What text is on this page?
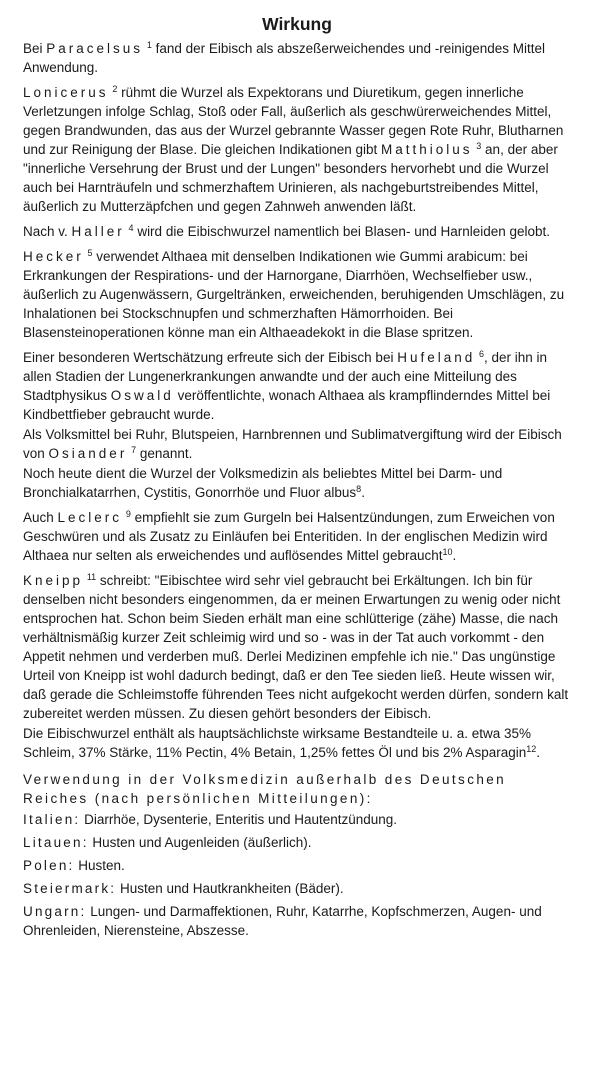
Wirkung

Bei Paracelsus $^1$ fand der Eibisch als abszeßerweichendes und -reinigendes Mittel Anwendung.

Lonicerus $^2$ rühmt die Wurzel als Expektorans und Diuretikum, gegen innerliche Verletzungen infolge Schlag, Stoß oder Fall, äußerlich als geschwürerweichendes Mittel, gegen Brandwunden, das aus der Wurzel gebrannte Wasser gegen Rote Ruhr, Blutharnen und zur Reinigung der Blase. Die gleichen Indikationen gibt Matthiolus $^3$ an, der aber "innerliche Versehrung der Brust und der Lungen" besonders hervorhebt und die Wurzel auch bei Harnträufeln und schmerzhaftem Urinieren, als nachgeburtstreibendes Mittel, äußerlich zu Mutterzäpfchen und gegen Zahnweh anwenden läßt.

Nach v. Haller $^4$ wird die Eibischwurzel namentlich bei Blasen- und Harnleiden gelobt.

Hecker $^5$ verwendet Althaea mit denselben Indikationen wie Gummi arabicum: bei Erkrankungen der Respirations- und der Harnorgane, Diarrhöen, Wechselfieber usw., äußerlich zu Augenwässern, Gurgeltränken, erweichenden, beruhigenden Umschlägen, zu Inhalationen bei Stockschnupfen und schmerzhaften Hämorrhoiden. Bei Blasensteinoperationen könne man ein Althaeadekokt in die Blase spritzen.

Einer besonderen Wertschätzung erfreute sich der Eibisch bei Hufeland $^6$, der ihn in allen Stadien der Lungenerkrankungen anwandte und der auch eine Mitteilung des Stadtphysikus Oswald veröffentlichte, wonach Althaea als krampflinderndes Mittel bei Kindbettfieber gebraucht wurde.

Als Volksmittel bei Ruhr, Blutspeien, Harnbrennen und Sublimatvergiftung wird der Eibisch von Osiander $^7$ genannt.

Noch heute dient die Wurzel der Volksmedizin als beliebtes Mittel bei Darm- und Bronchialkatarrhen, Cystitis, Gonorrhöe und Fluor albus$^8$.

Auch Leclerc $^9$ empfiehlt sie zum Gurgeln bei Halsentzündungen, zum Erweichen von Geschwüren und als Zusatz zu Einläufen bei Enteritiden. In der englischen Medizin wird Althaea nur selten als erweichendes und auflösendes Mittel gebraucht$^{10}$.

Kneipp $^{11}$ schreibt: "Eibischtee wird sehr viel gebraucht bei Erkältungen. Ich bin für denselben nicht besonders eingenommen, da er meinen Erwartungen zu wenig oder nicht entsprochen hat. Schon beim Sieden erhält man eine schlütterige (zähe) Masse, die nach verhältnismäßig kurzer Zeit schleimig wird und so - was in der Tat auch vorkommt - den Appetit nehmen und verderben muß. Derlei Medizinen empfehle ich nie." Das ungünstige Urteil von Kneipp ist wohl dadurch bedingt, daß er den Tee sieden ließ. Heute wissen wir, daß gerade die Schleimstoffe führenden Tees nicht aufgekocht werden dürfen, sondern kalt zubereitet werden müssen. Zu diesen gehört besonders der Eibisch.

Die Eibischwurzel enthält als hauptsächlichste wirksame Bestandteile u. a. etwa 35% Schleim, 37% Stärke, 11% Pectin, 4% Betain, 1,25% fettes Öl und bis 2% Asparagin$^{12}$.

Verwendung in der Volksmedizin außerhalb des Deutschen Reiches (nach persönlichen Mitteilungen):
Italien: Diarrhöe, Dysenterie, Enteritis und Hautentzündung.
Litauen: Husten und Augenleiden (äußerlich).
Polen: Husten.
Steiermark: Husten und Hautkrankheiten (Bäder).
Ungarn: Lungen- und Darmaffektionen, Ruhr, Katarrhe, Kopfschmerzen, Augen- und Ohrenleiden, Nierensteine, Abszesse.
